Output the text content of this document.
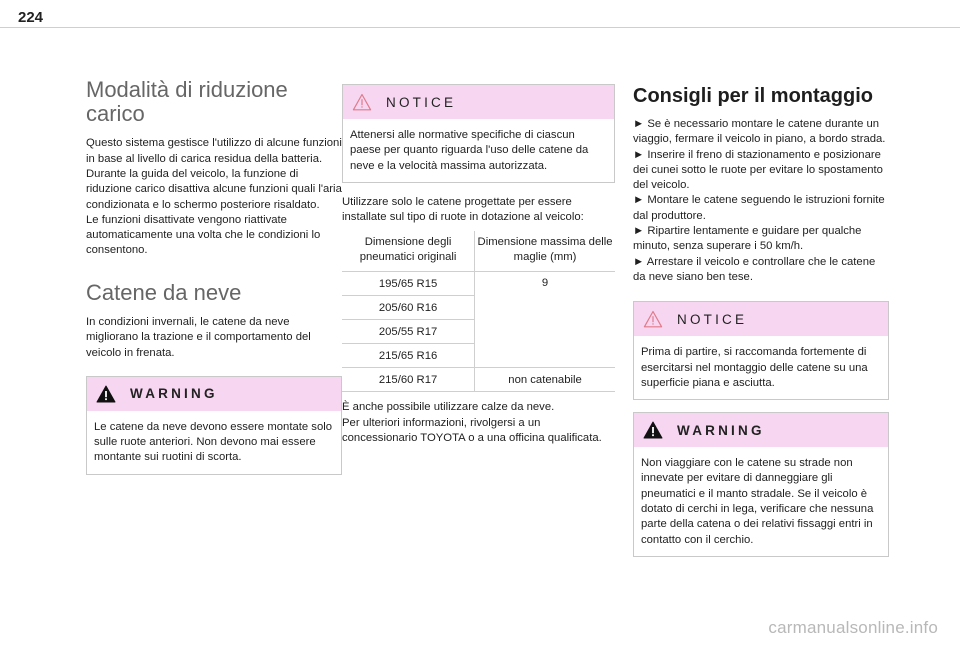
224
Modalità di riduzione carico

Questo sistema gestisce l'utilizzo di alcune funzioni in base al livello di carica residua della batteria.

Durante la guida del veicolo, la funzione di riduzione carico disattiva alcune funzioni quali l'aria condizionata e lo schermo posteriore risaldato.

Le funzioni disattivate vengono riattivate automaticamente una volta che le condizioni lo consentono.

Catene da neve

In condizioni invernali, le catene da neve migliorano la trazione e il comportamento del veicolo in frenata.

WARNING
Le catene da neve devono essere montate solo sulle ruote anteriori. Non devono mai essere montante sui ruotini di scorta.
NOTICE
Attenersi alle normative specifiche di ciascun paese per quanto riguarda l'uso delle catene da neve e la velocità massima autorizzata.

Utilizzare solo le catene progettate per essere installate sul tipo di ruote in dotazione al veicolo:

Dimensione degli pneumatici originali	Dimensione massima delle maglie (mm)
195/65 R15	9
205/60 R16	
205/55 R17	
215/65 R16	
215/60 R17	non catenabile

È anche possibile utilizzare calze da neve.

Per ulteriori informazioni, rivolgersi a un concessionario TOYOTA o a una officina qualificata.

Consigli per il montaggio

► Se è necessario montare le catene durante un viaggio, fermare il veicolo in piano, a bordo strada.

► Inserire il freno di stazionamento e posizionare dei cunei sotto le ruote per evitare lo spostamento del veicolo.

► Montare le catene seguendo le istruzioni fornite dal produttore.

► Ripartire lentamente e guidare per qualche minuto, senza superare i 50 km/h.

► Arrestare il veicolo e controllare che le catene da neve siano ben tese.

NOTICE
Prima di partire, si raccomanda fortemente di esercitarsi nel montaggio delle catene su una superficie piana e asciutta.
WARNING
Non viaggiare con le catene su strade non innevate per evitare di danneggiare gli pneumatici e il manto stradale. Se il veicolo è dotato di cerchi in lega, verificare che nessuna parte della catena o dei relativi fissaggi entri in contatto con il cerchio.
carmanualsonline.info
